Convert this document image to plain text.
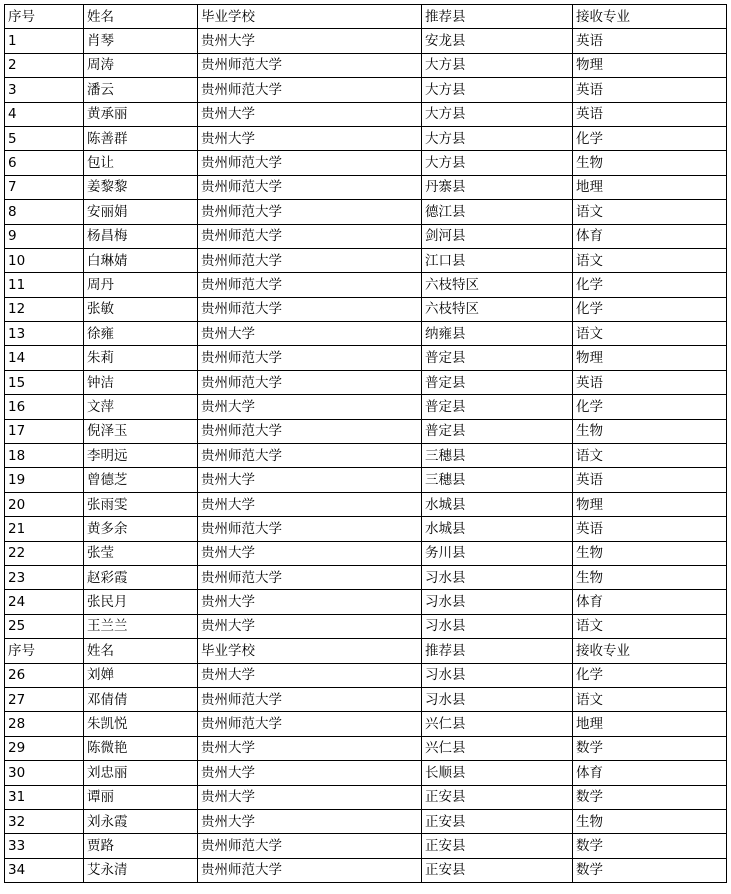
序号	姓名	毕业学校	推荐县	接收专业
1	肖琴	贵州大学	安龙县	英语
2	周涛	贵州师范大学	大方县	物理
3	潘云	贵州师范大学	大方县	英语
4	黄承丽	贵州大学	大方县	英语
5	陈善群	贵州大学	大方县	化学
6	包让	贵州师范大学	大方县	生物
7	姜黎黎	贵州师范大学	丹寨县	地理
8	安丽娟	贵州师范大学	德江县	语文
9	杨昌梅	贵州师范大学	剑河县	体育
10	白琳婧	贵州师范大学	江口县	语文
11	周丹	贵州师范大学	六枝特区	化学
12	张敏	贵州师范大学	六枝特区	化学
13	徐雍	贵州大学	纳雍县	语文
14	朱莉	贵州师范大学	普定县	物理
15	钟洁	贵州师范大学	普定县	英语
16	文萍	贵州大学	普定县	化学
17	倪泽玉	贵州师范大学	普定县	生物
18	李明远	贵州师范大学	三穗县	语文
19	曾德芝	贵州大学	三穗县	英语
20	张雨雯	贵州大学	水城县	物理
21	黄多余	贵州师范大学	水城县	英语
22	张莹	贵州大学	务川县	生物
23	赵彩霞	贵州师范大学	习水县	生物
24	张民月	贵州大学	习水县	体育
25	王兰兰	贵州大学	习水县	语文
序号	姓名	毕业学校	推荐县	接收专业
26	刘婵	贵州大学	习水县	化学
27	邓倩倩	贵州师范大学	习水县	语文
28	朱凯悦	贵州师范大学	兴仁县	地理
29	陈微艳	贵州大学	兴仁县	数学
30	刘忠丽	贵州大学	长顺县	体育
31	谭丽	贵州大学	正安县	数学
32	刘永霞	贵州大学	正安县	生物
33	贾路	贵州师范大学	正安县	数学
34	艾永清	贵州师范大学	正安县	数学
